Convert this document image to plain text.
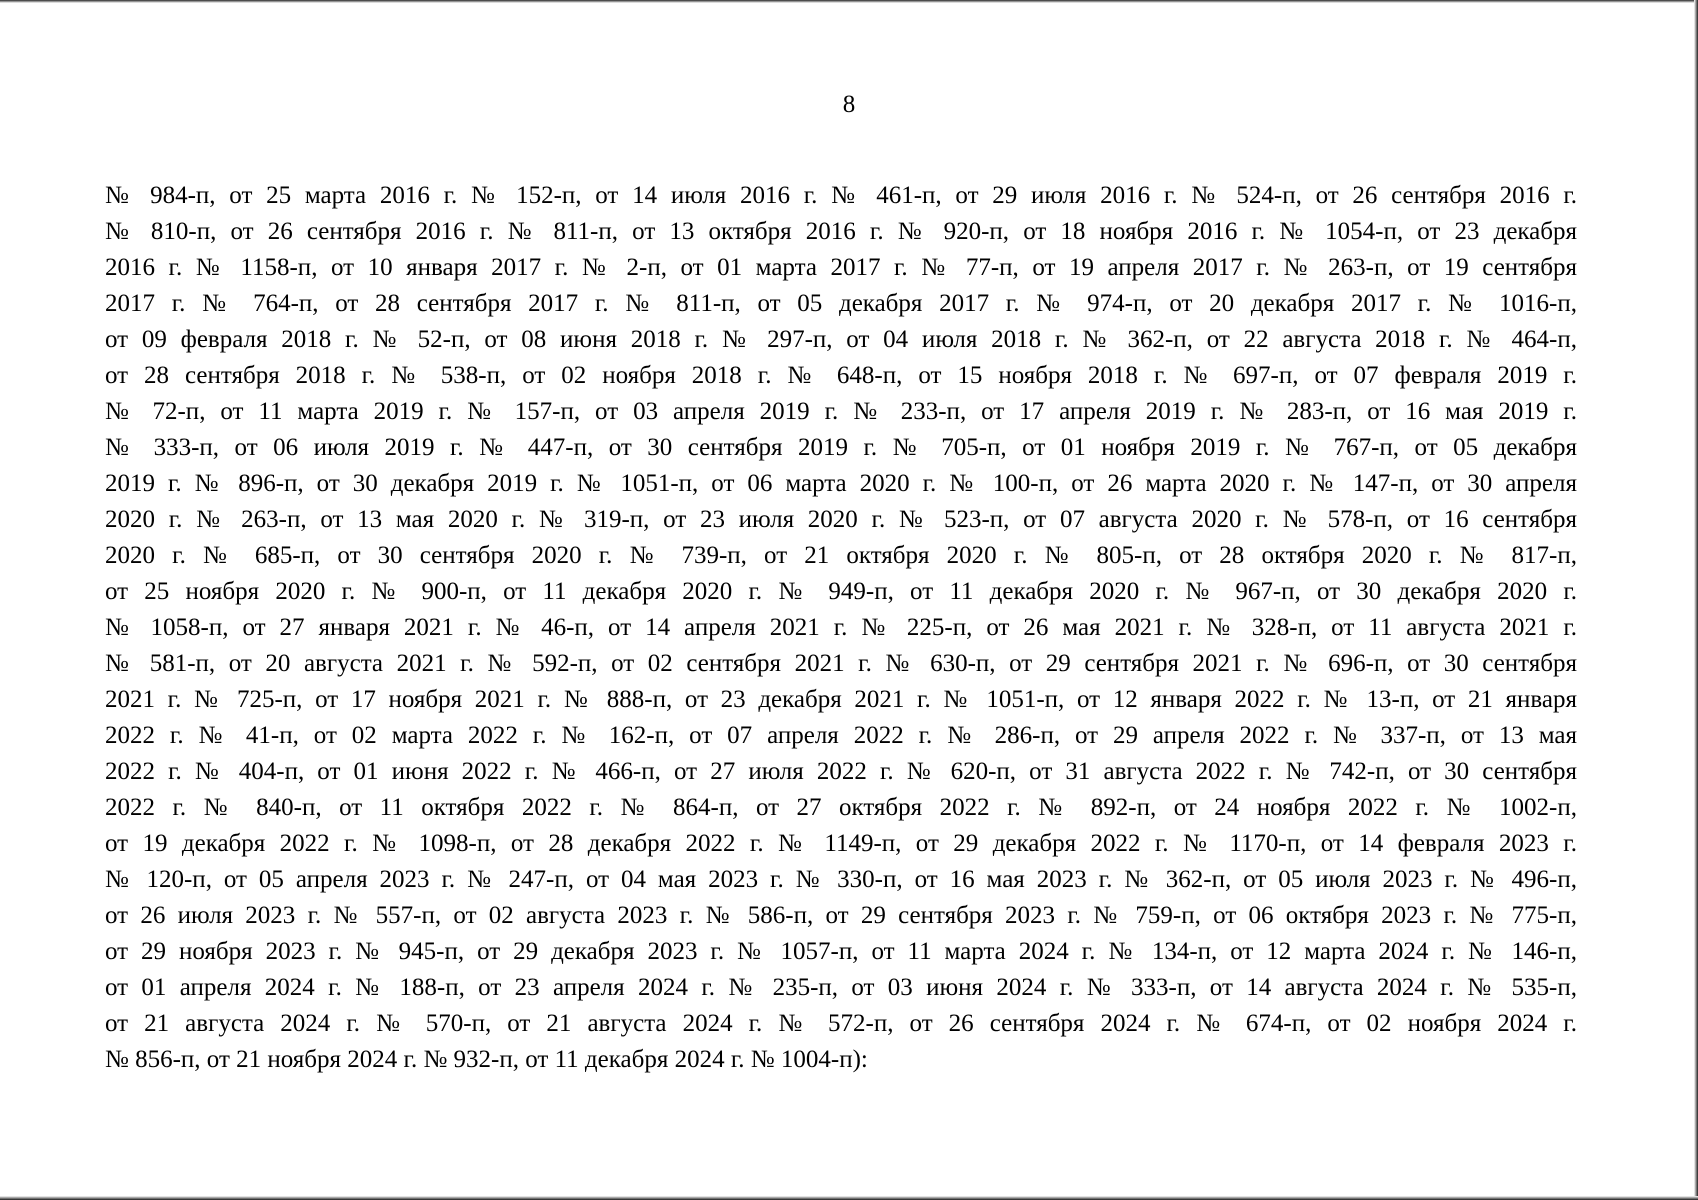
8
№ 984-п, от 25 марта 2016 г. № 152-п, от 14 июля 2016 г. № 461-п, от 29 июля 2016 г. № 524-п, от 26 сентября 2016 г.
№ 810-п, от 26 сентября 2016 г. № 811-п, от 13 октября 2016 г. № 920-п, от 18 ноября 2016 г. № 1054-п, от 23 декабря
2016 г. № 1158-п, от 10 января 2017 г. № 2-п, от 01 марта 2017 г. № 77-п, от 19 апреля 2017 г. № 263-п, от 19 сентября
2017 г. № 764-п, от 28 сентября 2017 г. № 811-п, от 05 декабря 2017 г. № 974-п, от 20 декабря 2017 г. № 1016-п,
от 09 февраля 2018 г. № 52-п, от 08 июня 2018 г. № 297-п, от 04 июля 2018 г. № 362-п, от 22 августа 2018 г. № 464-п,
от 28 сентября 2018 г. № 538-п, от 02 ноября 2018 г. № 648-п, от 15 ноября 2018 г. № 697-п, от 07 февраля 2019 г.
№ 72-п, от 11 марта 2019 г. № 157-п, от 03 апреля 2019 г. № 233-п, от 17 апреля 2019 г. № 283-п, от 16 мая 2019 г.
№ 333-п, от 06 июля 2019 г. № 447-п, от 30 сентября 2019 г. № 705-п, от 01 ноября 2019 г. № 767-п, от 05 декабря
2019 г. № 896-п, от 30 декабря 2019 г. № 1051-п, от 06 марта 2020 г. № 100-п, от 26 марта 2020 г. № 147-п, от 30 апреля
2020 г. № 263-п, от 13 мая 2020 г. № 319-п, от 23 июля 2020 г. № 523-п, от 07 августа 2020 г. № 578-п, от 16 сентября
2020 г. № 685-п, от 30 сентября 2020 г. № 739-п, от 21 октября 2020 г. № 805-п, от 28 октября 2020 г. № 817-п,
от 25 ноября 2020 г. № 900-п, от 11 декабря 2020 г. № 949-п, от 11 декабря 2020 г. № 967-п, от 30 декабря 2020 г.
№ 1058-п, от 27 января 2021 г. № 46-п, от 14 апреля 2021 г. № 225-п, от 26 мая 2021 г. № 328-п, от 11 августа 2021 г.
№ 581-п, от 20 августа 2021 г. № 592-п, от 02 сентября 2021 г. № 630-п, от 29 сентября 2021 г. № 696-п, от 30 сентября
2021 г. № 725-п, от 17 ноября 2021 г. № 888-п, от 23 декабря 2021 г. № 1051-п, от 12 января 2022 г. № 13-п, от 21 января
2022 г. № 41-п, от 02 марта 2022 г. № 162-п, от 07 апреля 2022 г. № 286-п, от 29 апреля 2022 г. № 337-п, от 13 мая
2022 г. № 404-п, от 01 июня 2022 г. № 466-п, от 27 июля 2022 г. № 620-п, от 31 августа 2022 г. № 742-п, от 30 сентября
2022 г. № 840-п, от 11 октября 2022 г. № 864-п, от 27 октября 2022 г. № 892-п, от 24 ноября 2022 г. № 1002-п,
от 19 декабря 2022 г. № 1098-п, от 28 декабря 2022 г. № 1149-п, от 29 декабря 2022 г. № 1170-п, от 14 февраля 2023 г.
№ 120-п, от 05 апреля 2023 г. № 247-п, от 04 мая 2023 г. № 330-п, от 16 мая 2023 г. № 362-п, от 05 июля 2023 г. № 496-п,
от 26 июля 2023 г. № 557-п, от 02 августа 2023 г. № 586-п, от 29 сентября 2023 г. № 759-п, от 06 октября 2023 г. № 775-п,
от 29 ноября 2023 г. № 945-п, от 29 декабря 2023 г. № 1057-п, от 11 марта 2024 г. № 134-п, от 12 марта 2024 г. № 146-п,
от 01 апреля 2024 г. № 188-п, от 23 апреля 2024 г. № 235-п, от 03 июня 2024 г. № 333-п, от 14 августа 2024 г. № 535-п,
от 21 августа 2024 г. № 570-п, от 21 августа 2024 г. № 572-п, от 26 сентября 2024 г. № 674-п, от 02 ноября 2024 г.
№ 856-п, от 21 ноября 2024 г. № 932-п, от 11 декабря 2024 г. № 1004-п):
